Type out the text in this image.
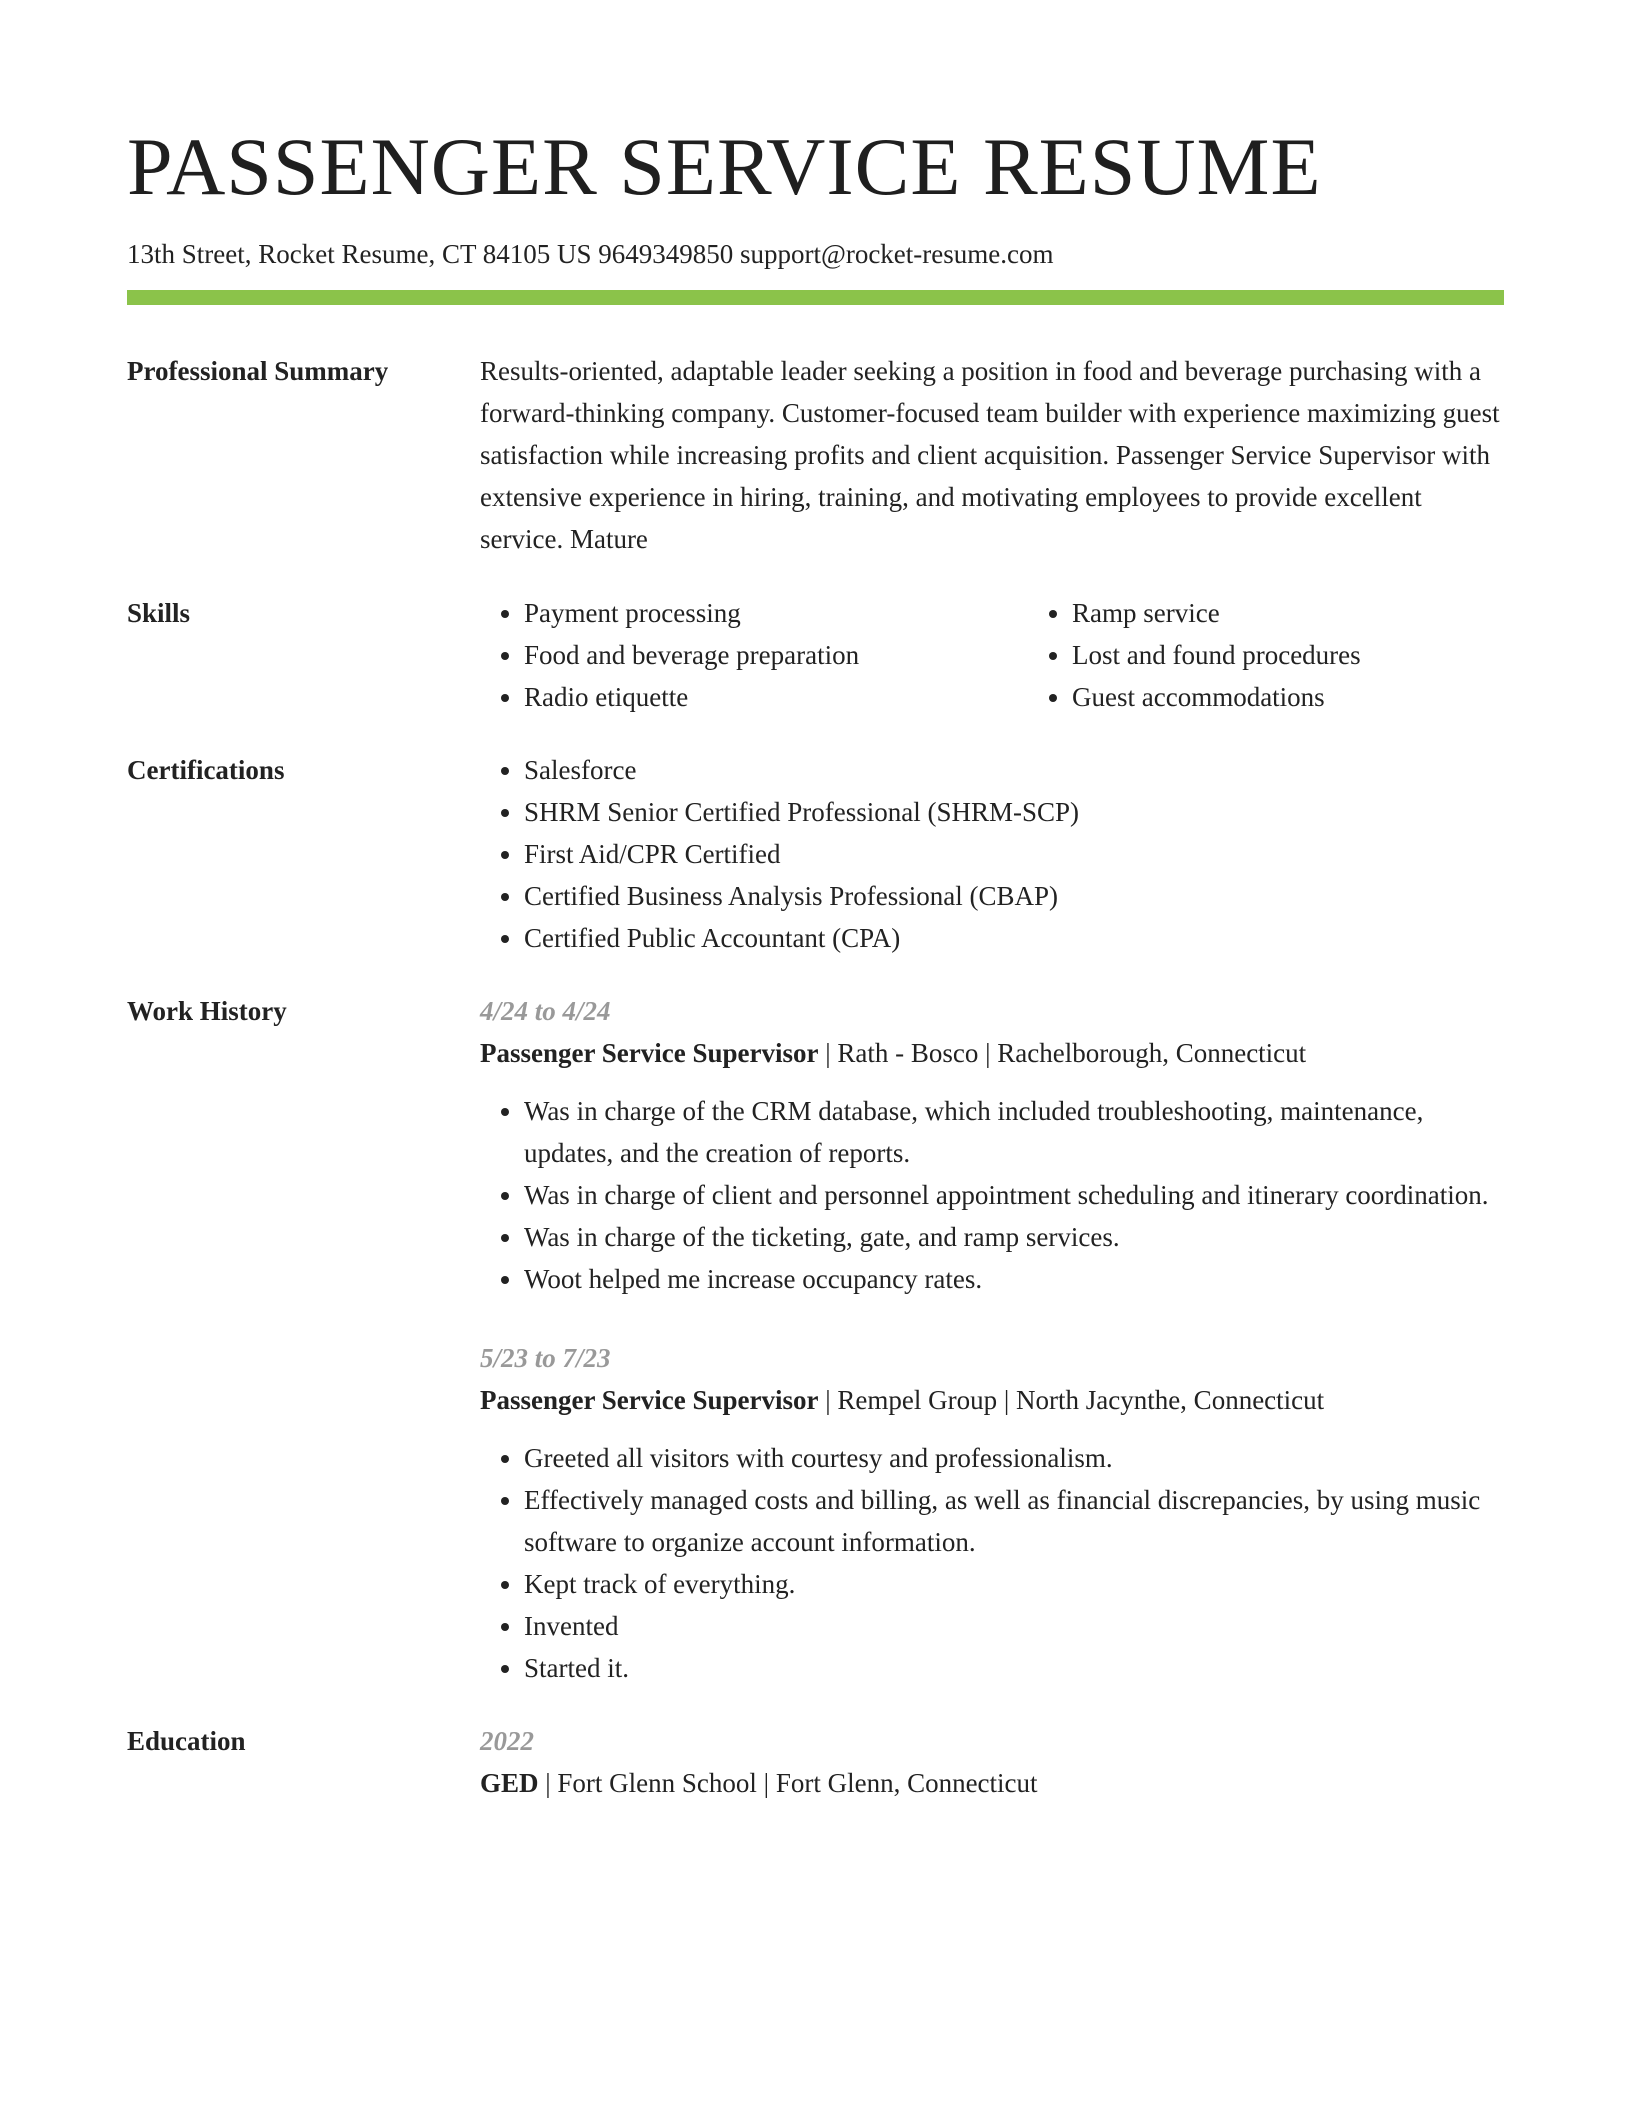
PASSENGER SERVICE RESUME
13th Street, Rocket Resume, CT 84105 US 9649349850 support@rocket-resume.com
Professional Summary	Results-oriented, adaptable leader seeking a position in food and beverage purchasing with a forward-thinking company. Customer-focused team builder with experience maximizing guest satisfaction while increasing profits and client acquisition. Passenger Service Supervisor with extensive experience in hiring, training, and motivating employees to provide excellent service. Mature
Skills	• Payment processing
• Food and beverage preparation
• Radio etiquette
• Ramp service
• Lost and found procedures
• Guest accommodations
Certifications	• Salesforce
• SHRM Senior Certified Professional (SHRM-SCP)
• First Aid/CPR Certified
• Certified Business Analysis Professional (CBAP)
• Certified Public Accountant (CPA)
Work History	4/24 to 4/24
Passenger Service Supervisor | Rath - Bosco | Rachelborough, Connecticut
• Was in charge of the CRM database, which included troubleshooting, maintenance, updates, and the creation of reports.
• Was in charge of client and personnel appointment scheduling and itinerary coordination.
• Was in charge of the ticketing, gate, and ramp services.
• Woot helped me increase occupancy rates.
5/23 to 7/23
Passenger Service Supervisor | Rempel Group | North Jacynthe, Connecticut
• Greeted all visitors with courtesy and professionalism.
• Effectively managed costs and billing, as well as financial discrepancies, by using music software to organize account information.
• Kept track of everything.
• Invented
• Started it.
Education	2022
GED | Fort Glenn School | Fort Glenn, Connecticut
